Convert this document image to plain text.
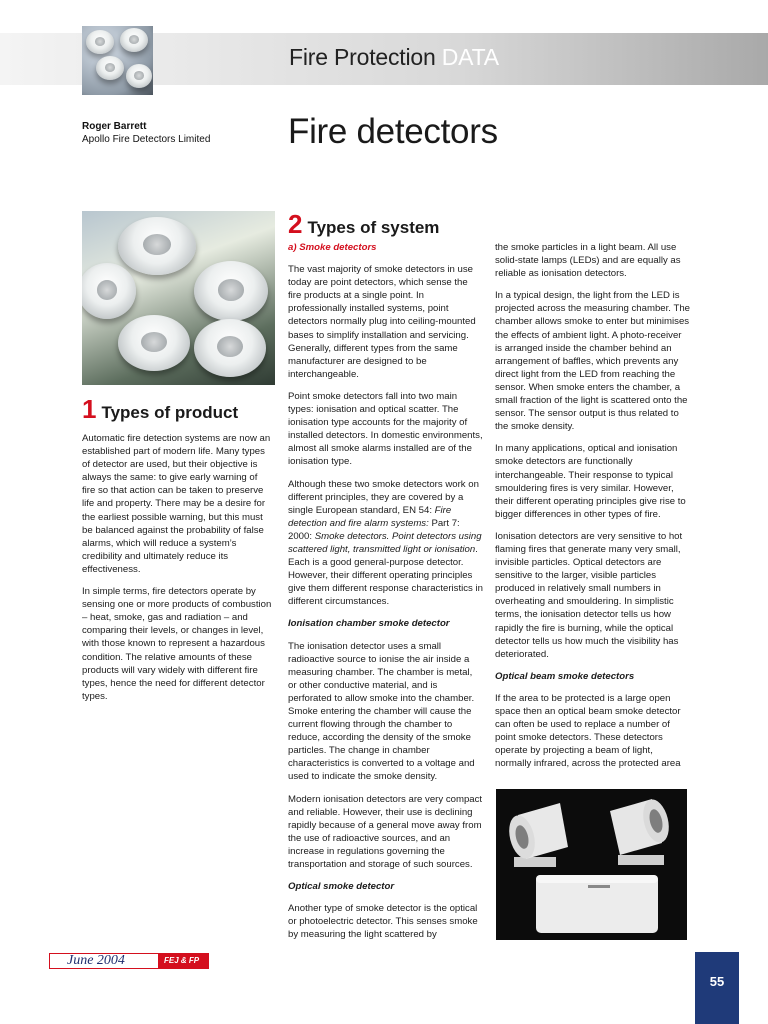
Fire Protection DATA
Roger Barrett
Apollo Fire Detectors Limited Fire detectors
1 Types of product

Automatic fire detection systems are now an established part of modern life. Many types of detector are used, but their objective is always the same: to give early warning of fire so that action can be taken to preserve life and property. There may be a desire for the earliest possible warning, but this must be balanced against the probability of false alarms, which will reduce a system’s credibility and ultimately reduce its effectiveness.

In simple terms, fire detectors operate by sensing one or more products of combustion – heat, smoke, gas and radiation – and comparing their levels, or changes in level, with those known to represent a hazardous condition. The relative amounts of these products will vary widely with different fire types, hence the need for different detector types.

2 Types of system
a) Smoke detectors

The vast majority of smoke detectors in use today are point detectors, which sense the fire products at a single point. In professionally installed systems, point detectors normally plug into ceiling-mounted bases to simplify installation and servicing. Generally, different types from the same manufacturer are designed to be interchangeable.

Point smoke detectors fall into two main types: ionisation and optical scatter. The ionisation type accounts for the majority of installed detectors. In domestic environments, almost all smoke alarms installed are of the ionisation type.

Although these two smoke detectors work on different principles, they are covered by a single European standard, EN 54: Fire detection and fire alarm systems: Part 7: 2000: Smoke detectors. Point detectors using scattered light, transmitted light or ionisation. Each is a good general-purpose detector. However, their different operating principles give them different response characteristics in different circumstances.

Ionisation chamber smoke detector

The ionisation detector uses a small radioactive source to ionise the air inside a measuring chamber. The chamber is metal, or other conductive material, and is perforated to allow smoke into the chamber. Smoke entering the chamber will cause the current flowing through the chamber to reduce, according the density of the smoke particles. The change in chamber characteristics is converted to a voltage and used to indicate the smoke density.

Modern ionisation detectors are very compact and reliable. However, their use is declining rapidly because of a general move away from the use of radioactive sources, and an increase in regulations governing the transportation and storage of such sources.

Optical smoke detector

Another type of smoke detector is the optical or photoelectric detector. This senses smoke by measuring the light scattered by

the smoke particles in a light beam. All use solid-state lamps (LEDs) and are equally as reliable as ionisation detectors.

In a typical design, the light from the LED is projected across the measuring chamber. The chamber allows smoke to enter but minimises the effects of ambient light. A photo-receiver is arranged inside the chamber behind an arrangement of baffles, which prevents any direct light from the LED from reaching the sensor. When smoke enters the chamber, a small fraction of the light is scattered onto the sensor. The sensor output is thus related to the smoke density.

In many applications, optical and ionisation smoke detectors are functionally interchangeable. Their response to typical smouldering fires is very similar. However, their different operating principles give rise to bigger differences in other types of fire.

Ionisation detectors are very sensitive to hot flaming fires that generate many very small, invisible particles. Optical detectors are sensitive to the larger, visible particles produced in relatively small numbers in overheating and smouldering. In simplistic terms, the ionisation detector tells us how rapidly the fire is burning, while the optical detector tells us how much the visibility has deteriorated.

Optical beam smoke detectors

If the area to be protected is a large open space then an optical beam smoke detector can often be used to replace a number of point smoke detectors. These detectors operate by projecting a beam of light, normally infrared, across the protected area

June 2004	FEJ & FP
55
